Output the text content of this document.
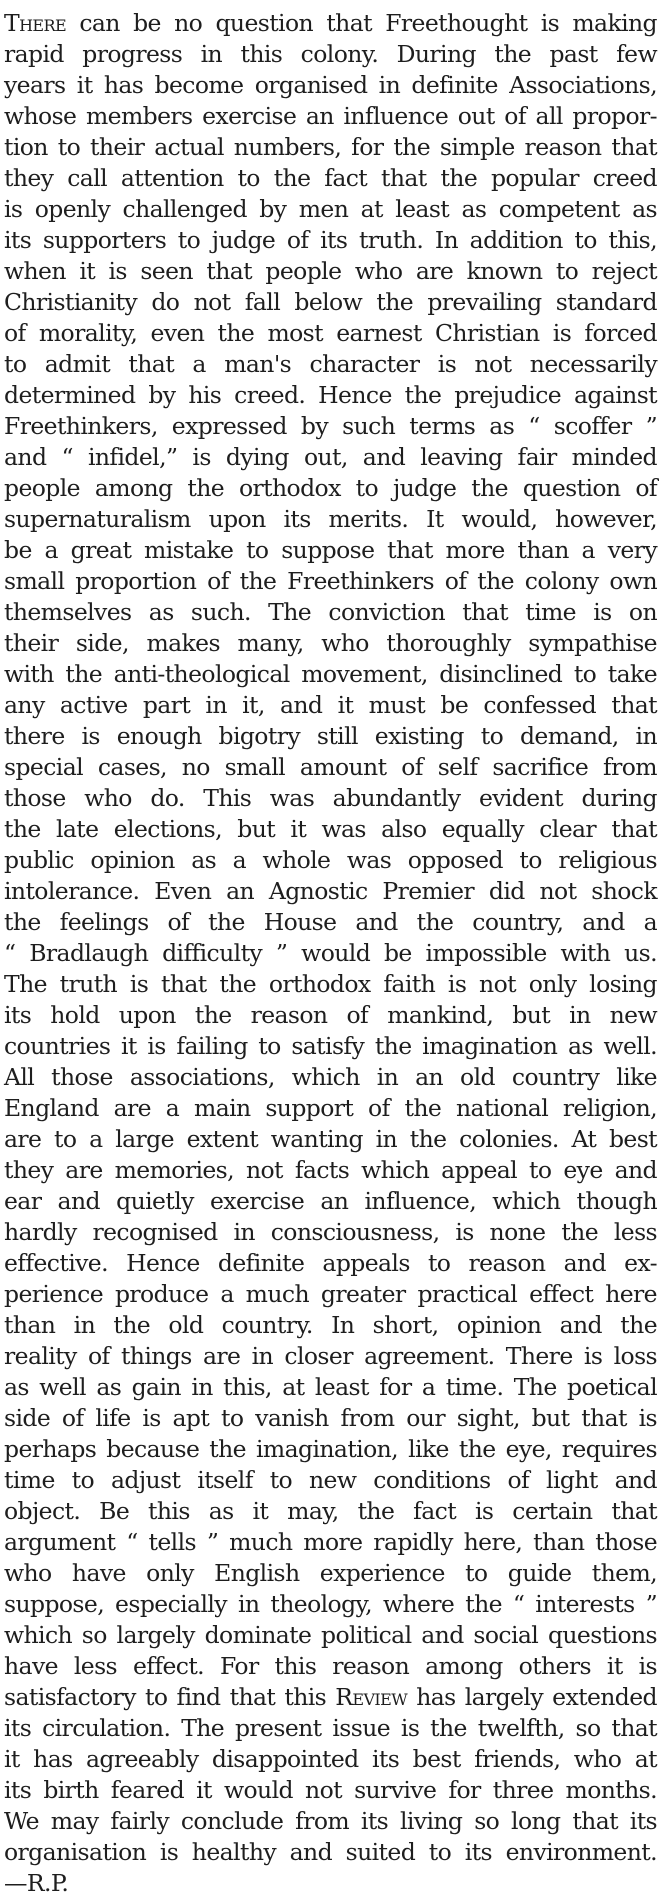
There can be no question that Freethought is making
rapid progress in this colony. During the past few
years it has become organised in definite Associations,
whose members exercise an influence out of all propor-
tion to their actual numbers, for the simple reason that
they call attention to the fact that the popular creed
is openly challenged by men at least as competent as
its supporters to judge of its truth. In addition to this,
when it is seen that people who are known to reject
Christianity do not fall below the prevailing standard
of morality, even the most earnest Christian is forced
to admit that a man's character is not necessarily
determined by his creed. Hence the prejudice against
Freethinkers, expressed by such terms as “ scoffer ”
and “ infidel,” is dying out, and leaving fair minded
people among the orthodox to judge the question of
supernaturalism upon its merits. It would, however,
be a great mistake to suppose that more than a very
small proportion of the Freethinkers of the colony own
themselves as such. The conviction that time is on
their side, makes many, who thoroughly sympathise
with the anti-theological movement, disinclined to take
any active part in it, and it must be confessed that
there is enough bigotry still existing to demand, in
special cases, no small amount of self sacrifice from
those who do. This was abundantly evident during
the late elections, but it was also equally clear that
public opinion as a whole was opposed to religious
intolerance. Even an Agnostic Premier did not shock
the feelings of the House and the country, and a
“ Bradlaugh difficulty ” would be impossible with us.
The truth is that the orthodox faith is not only losing
its hold upon the reason of mankind, but in new
countries it is failing to satisfy the imagination as well.
All those associations, which in an old country like
England are a main support of the national religion,
are to a large extent wanting in the colonies. At best
they are memories, not facts which appeal to eye and
ear and quietly exercise an influence, which though
hardly recognised in consciousness, is none the less
effective. Hence definite appeals to reason and ex-
perience produce a much greater practical effect here
than in the old country. In short, opinion and the
reality of things are in closer agreement. There is loss
as well as gain in this, at least for a time. The poetical
side of life is apt to vanish from our sight, but that is
perhaps because the imagination, like the eye, requires
time to adjust itself to new conditions of light and
object. Be this as it may, the fact is certain that
argument “ tells ” much more rapidly here, than those
who have only English experience to guide them,
suppose, especially in theology, where the “ interests ”
which so largely dominate political and social questions
have less effect. For this reason among others it is
satisfactory to find that this Review has largely extended
its circulation. The present issue is the twelfth, so that
it has agreeably disappointed its best friends, who at
its birth feared it would not survive for three months.
We may fairly conclude from its living so long that its
organisation is healthy and suited to its environment.
—R.P.
